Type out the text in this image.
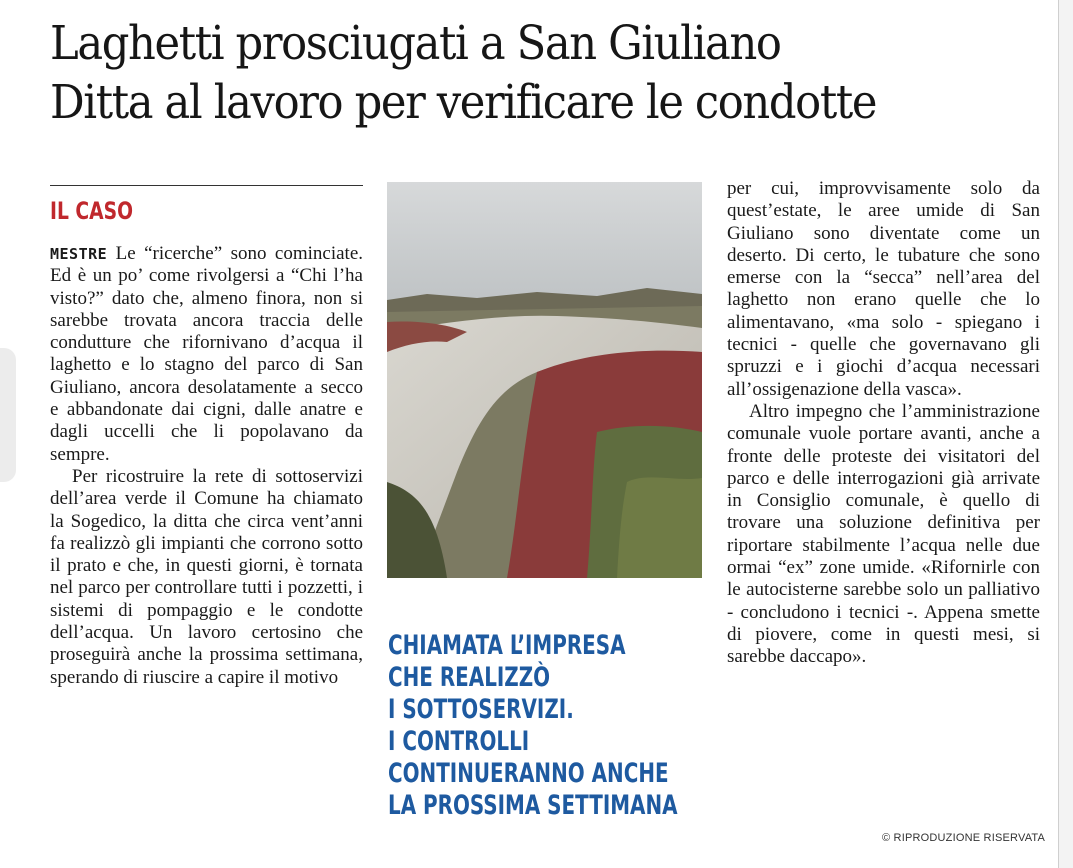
Laghetti prosciugati a San Giuliano
Ditta al lavoro per verificare le condotte
IL CASO

MESTRE Le “ricerche” sono cominciate. Ed è un po’ come rivolgersi a “Chi l’ha visto?” dato che, almeno finora, non si sarebbe trovata ancora traccia delle condutture che rifornivano d’acqua il laghetto e lo stagno del parco di San Giuliano, ancora desolatamente a secco e abbandonate dai cigni, dalle anatre e dagli uccelli che li popolavano da sempre.

Per ricostruire la rete di sottoservizi dell’area verde il Comune ha chiamato la Sogedico, la ditta che circa vent’anni fa realizzò gli impianti che corrono sotto il prato e che, in questi giorni, è tornata nel parco per controllare tutti i pozzetti, i sistemi di pompaggio e le condotte dell’acqua. Un lavoro certosino che proseguirà anche la prossima settimana, sperando di riuscire a capire il motivo

CHIAMATA L’IMPRESA
CHE REALIZZÒ
I SOTTOSERVIZI.
I CONTROLLI
CONTINUERANNO ANCHE
LA PROSSIMA SETTIMANA

per cui, improvvisamente solo da quest’estate, le aree umide di San Giuliano sono diventate come un deserto. Di certo, le tubature che sono emerse con la “secca” nell’area del laghetto non erano quelle che lo alimentavano, «ma solo - spiegano i tecnici - quelle che governavano gli spruzzi e i giochi d’acqua necessari all’ossigenazione della vasca».

Altro impegno che l’amministrazione comunale vuole portare avanti, anche a fronte delle proteste dei visitatori del parco e delle interrogazioni già arrivate in Consiglio comunale, è quello di trovare una soluzione definitiva per riportare stabilmente l’acqua nelle due ormai “ex” zone umide. «Rifornirle con le autocisterne sarebbe solo un palliativo - concludono i tecnici -. Appena smette di piovere, come in questi mesi, si sarebbe daccapo».

© RIPRODUZIONE RISERVATA
